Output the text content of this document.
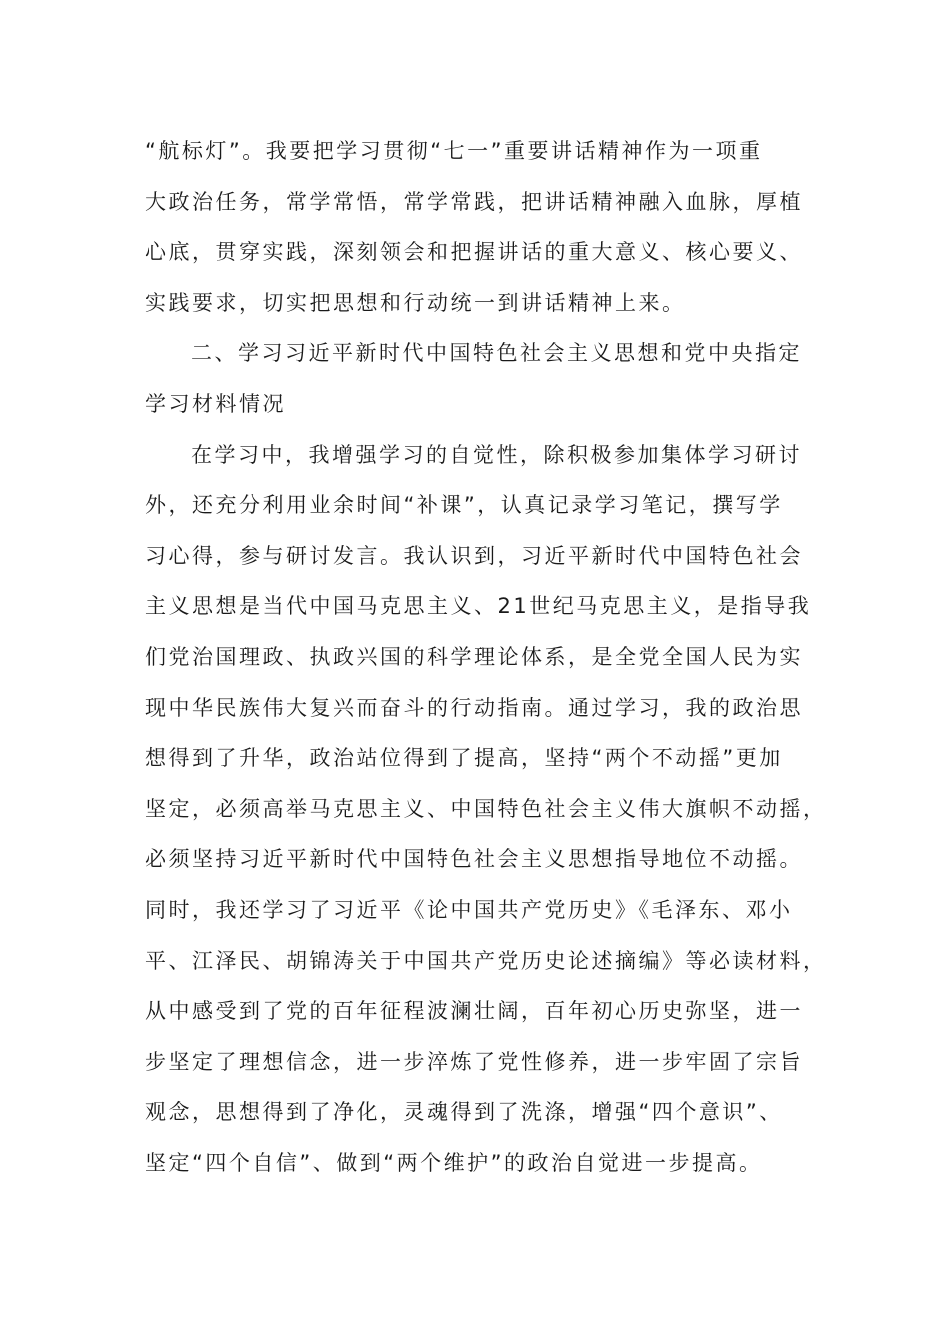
“航标灯”。我要把学习贯彻“七一”重要讲话精神作为一项重
大政治任务，常学常悟，常学常践，把讲话精神融入血脉，厚植
心底，贯穿实践，深刻领会和把握讲话的重大意义、核心要义、
实践要求，切实把思想和行动统一到讲话精神上来。
二、学习习近平新时代中国特色社会主义思想和党中央指定
学习材料情况
在学习中，我增强学习的自觉性，除积极参加集体学习研讨
外，还充分利用业余时间“补课”，认真记录学习笔记，撰写学
习心得，参与研讨发言。我认识到，习近平新时代中国特色社会
主义思想是当代中国马克思主义、21世纪马克思主义，是指导我
们党治国理政、执政兴国的科学理论体系，是全党全国人民为实
现中华民族伟大复兴而奋斗的行动指南。通过学习，我的政治思
想得到了升华，政治站位得到了提高，坚持“两个不动摇”更加
坚定，必须高举马克思主义、中国特色社会主义伟大旗帜不动摇，
必须坚持习近平新时代中国特色社会主义思想指导地位不动摇。
同时，我还学习了习近平《论中国共产党历史》《毛泽东、邓小
平、江泽民、胡锦涛关于中国共产党历史论述摘编》等必读材料，
从中感受到了党的百年征程波澜壮阔，百年初心历史弥坚，进一
步坚定了理想信念，进一步淬炼了党性修养，进一步牢固了宗旨
观念，思想得到了净化，灵魂得到了洗涤，增强“四个意识”、
坚定“四个自信”、做到“两个维护”的政治自觉进一步提高。
